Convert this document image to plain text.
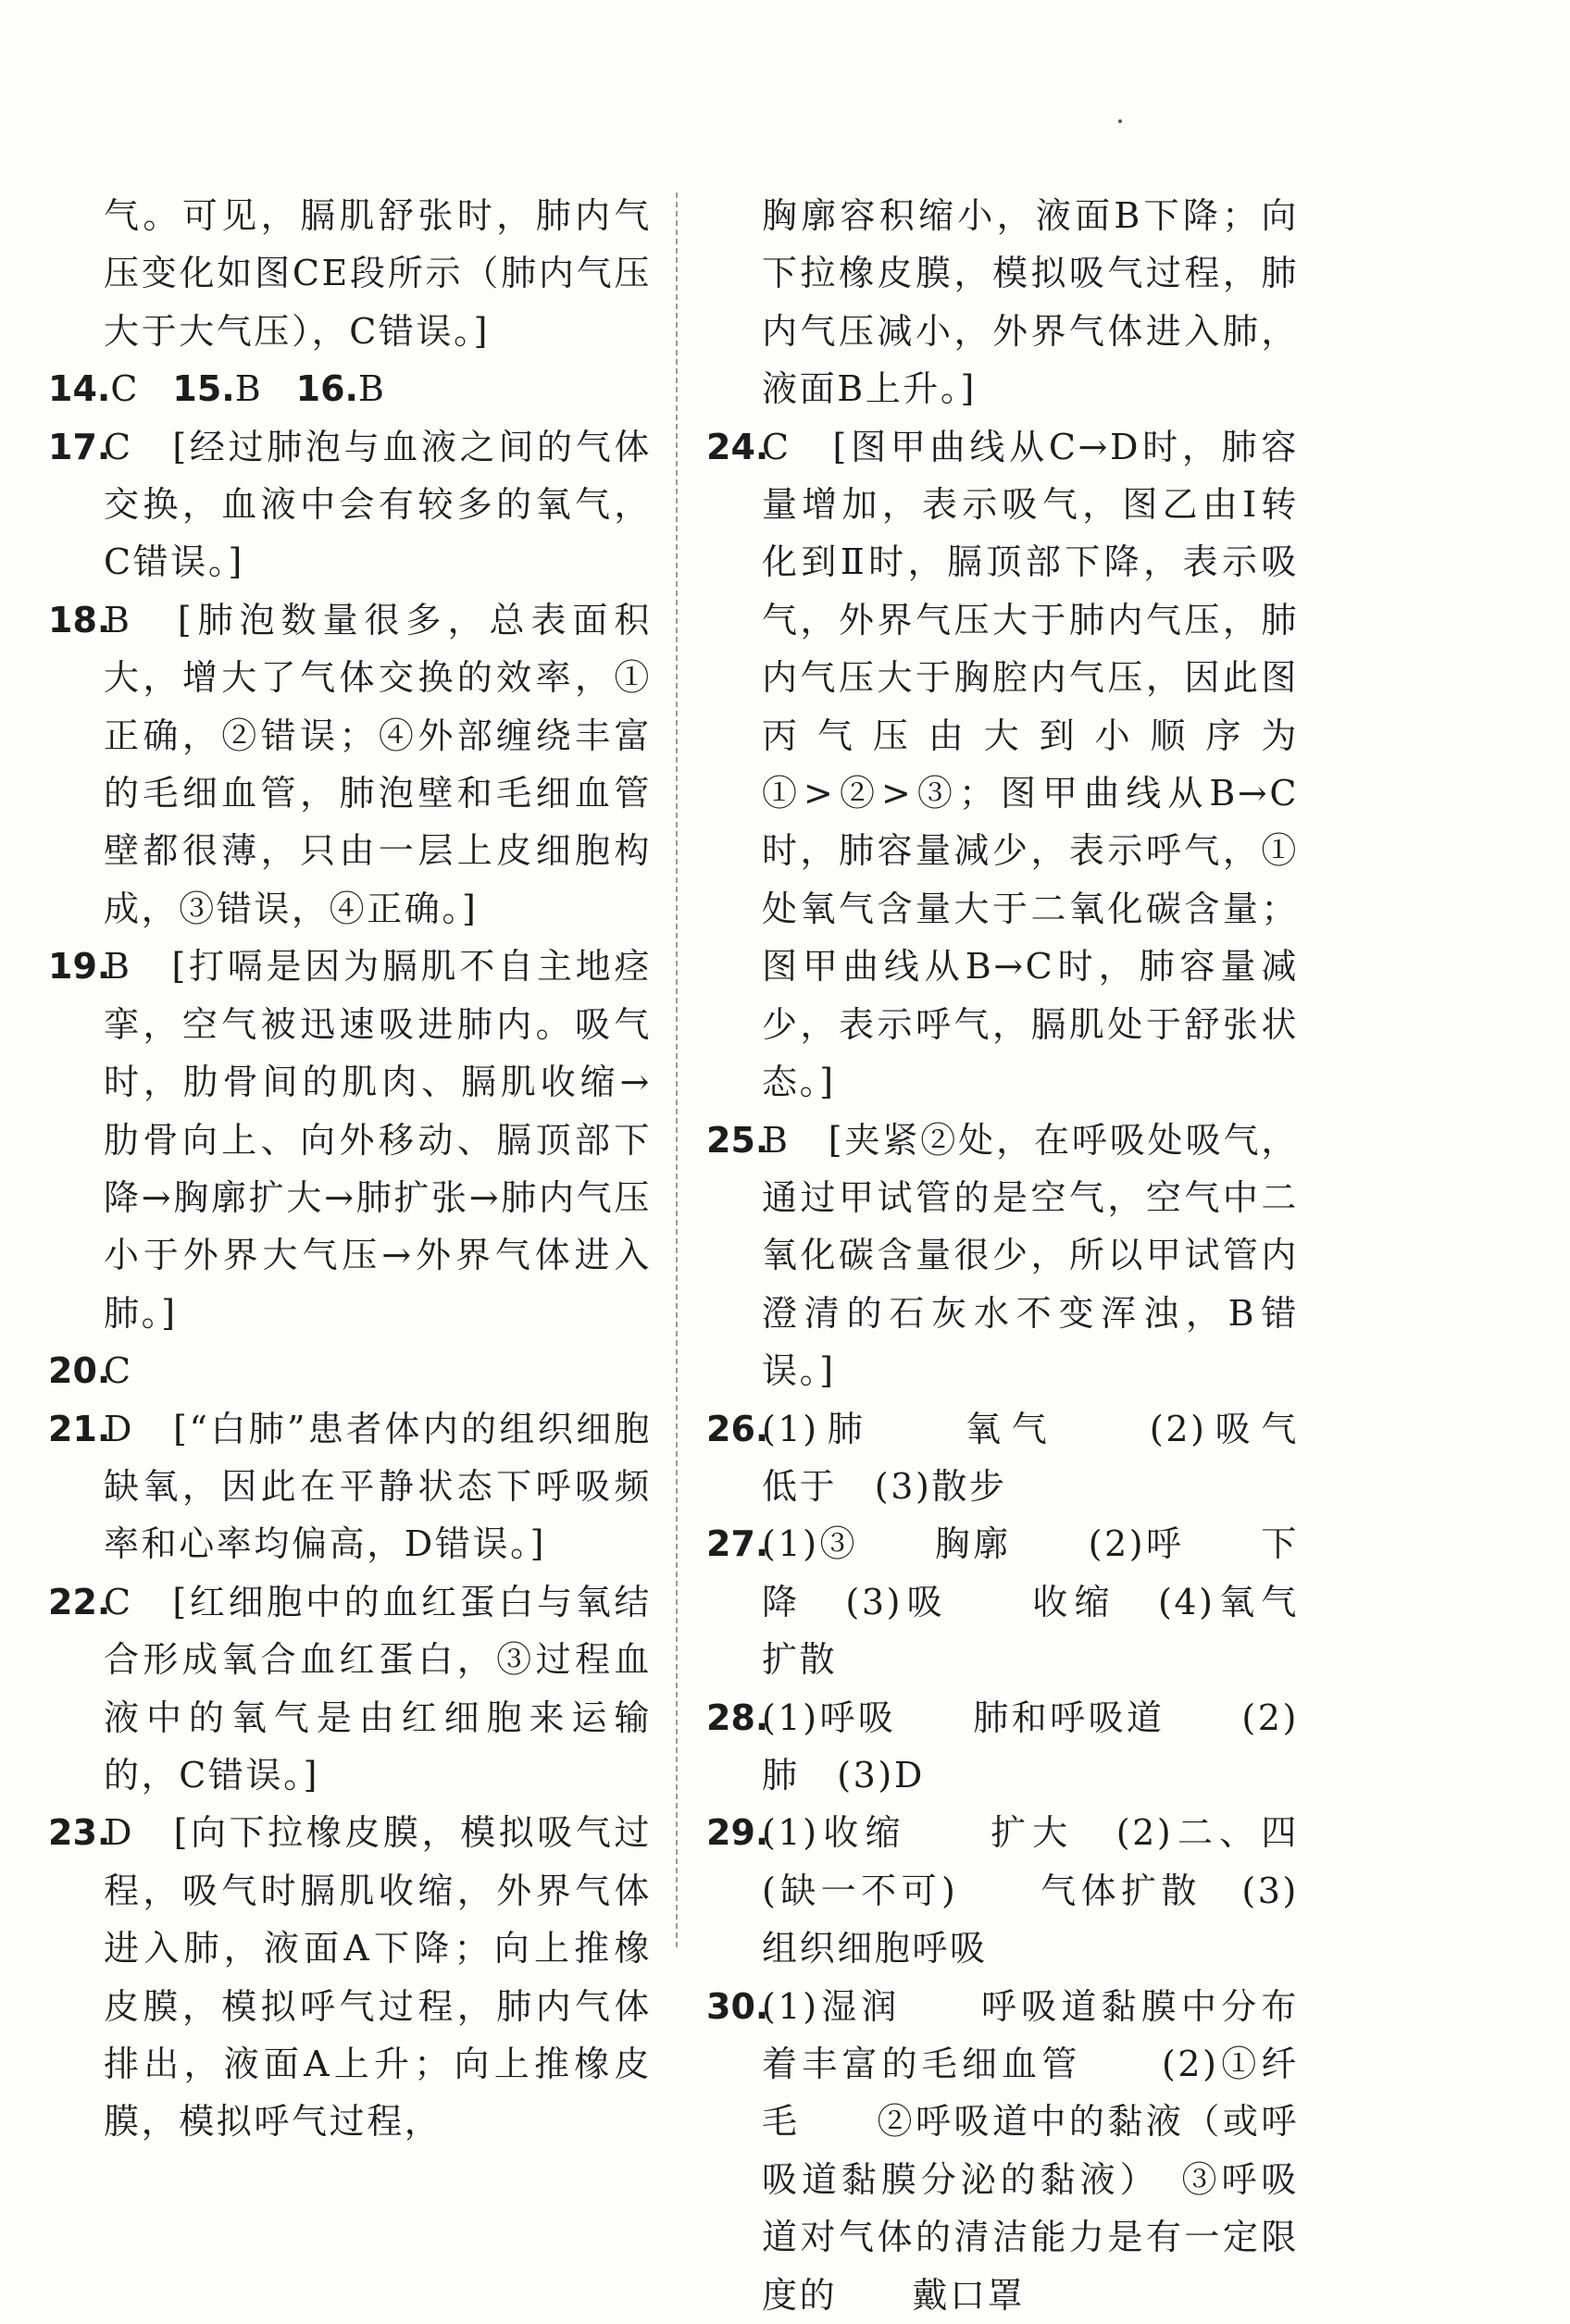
气。可见，膈肌舒张时，肺内气压变化如图CE段所示（肺内气压大于大气压），C错误。]

14.C 15.B 16.B

17.
C　[经过肺泡与血液之间的气体交换，血液中会有较多的氧气，C错误。]
18.
B　[肺泡数量很多，总表面积大，增大了气体交换的效率，①正确，②错误；④外部缠绕丰富的毛细血管，肺泡壁和毛细血管壁都很薄，只由一层上皮细胞构成，③错误，④正确。]
19.
B　[打嗝是因为膈肌不自主地痉挛，空气被迅速吸进肺内。吸气时，肋骨间的肌肉、膈肌收缩→肋骨向上、向外移动、膈顶部下降→胸廓扩大→肺扩张→肺内气压小于外界大气压→外界气体进入肺。]
20.
C
21.
D　[“白肺”患者体内的组织细胞缺氧，因此在平静状态下呼吸频率和心率均偏高，D错误。]
22.
C　[红细胞中的血红蛋白与氧结合形成氧合血红蛋白，③过程血液中的氧气是由红细胞来运输的，C错误。]
23.
D　[向下拉橡皮膜，模拟吸气过程，吸气时膈肌收缩，外界气体进入肺，液面A下降；向上推橡皮膜，模拟呼气过程，肺内气体排出，液面A上升；向上推橡皮膜，模拟呼气过程，

胸廓容积缩小，液面B下降；向下拉橡皮膜，模拟吸气过程，肺内气压减小，外界气体进入肺，液面B上升。]

24.
C　[图甲曲线从C→D时，肺容量增加，表示吸气，图乙由Ⅰ转化到Ⅱ时，膈顶部下降，表示吸气，外界气压大于肺内气压，肺内气压大于胸腔内气压，因此图丙气压由大到小顺序为①>②>③；图甲曲线从B→C时，肺容量减少，表示呼气，①处氧气含量大于二氧化碳含量；图甲曲线从B→C时，肺容量减少，表示呼气，膈肌处于舒张状态。]
25.
B　[夹紧②处，在呼吸处吸气，通过甲试管的是空气，空气中二氧化碳含量很少，所以甲试管内澄清的石灰水不变浑浊，B错误。]
26.
(1)肺　　氧气　　(2)吸气　　低于　(3)散步
27.
(1)③　　胸廓　　(2)呼　　下降　(3)吸　　收缩　(4)氧气　　扩散
28.
(1)呼吸　　肺和呼吸道　　(2)肺　(3)D
29.
(1)收缩　　扩大　(2)二、四(缺一不可)　　气体扩散　(3)组织细胞呼吸
30.
(1)湿润　　呼吸道黏膜中分布着丰富的毛细血管　　(2)①纤毛　　②呼吸道中的黏液（或呼吸道黏膜分泌的黏液）　③呼吸道对气体的清洁能力是有一定限度的　　戴口罩
